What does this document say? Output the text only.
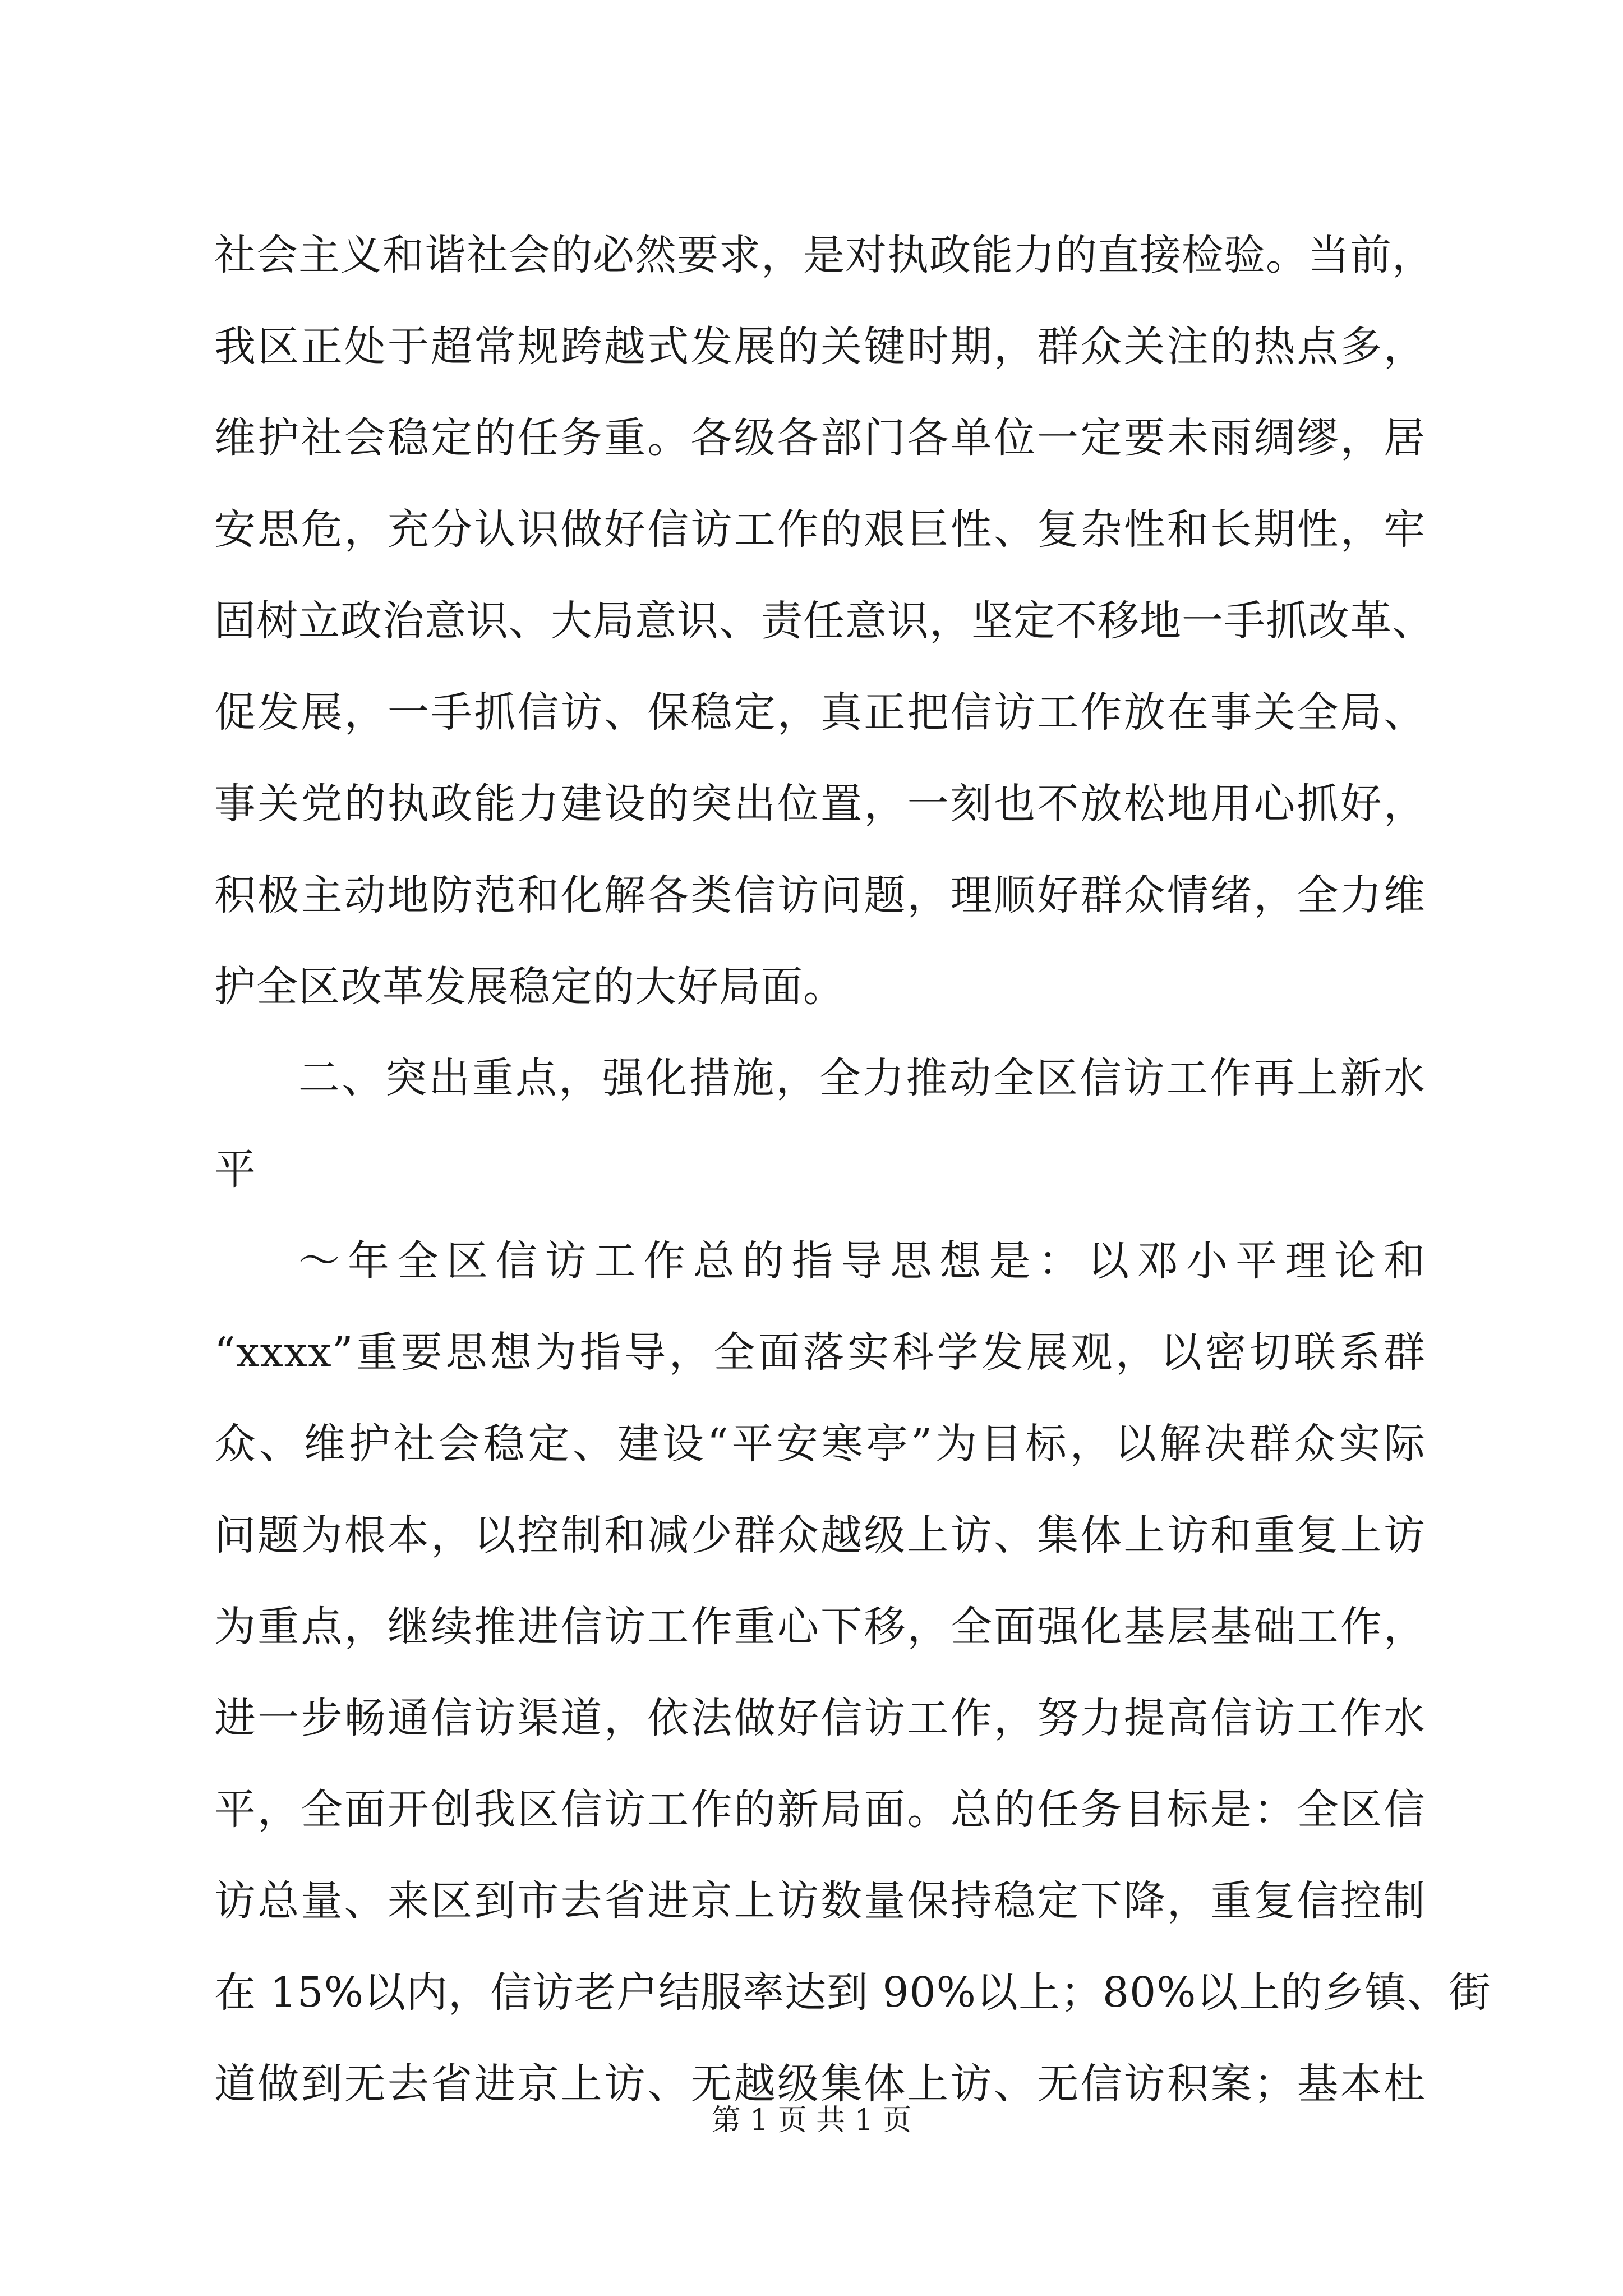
社会主义和谐社会的必然要求，是对执政能力的直接检验。当前，
我区正处于超常规跨越式发展的关键时期，群众关注的热点多，
维护社会稳定的任务重。各级各部门各单位一定要未雨绸缪，居
安思危，充分认识做好信访工作的艰巨性、复杂性和长期性，牢
固树立政治意识、大局意识、责任意识，坚定不移地一手抓改革、
促发展，一手抓信访、保稳定，真正把信访工作放在事关全局、
事关党的执政能力建设的突出位置，一刻也不放松地用心抓好，
积极主动地防范和化解各类信访问题，理顺好群众情绪，全力维
护全区改革发展稳定的大好局面。
二、突出重点，强化措施，全力推动全区信访工作再上新水
平
～年全区信访工作总的指导思想是：以邓小平理论和
“xxxx”重要思想为指导，全面落实科学发展观，以密切联系群
众、维护社会稳定、建设“平安寒亭”为目标，以解决群众实际
问题为根本，以控制和减少群众越级上访、集体上访和重复上访
为重点，继续推进信访工作重心下移，全面强化基层基础工作，
进一步畅通信访渠道，依法做好信访工作，努力提高信访工作水
平，全面开创我区信访工作的新局面。总的任务目标是：全区信
访总量、来区到市去省进京上访数量保持稳定下降，重复信控制
在 15%以内，信访老户结服率达到 90%以上；80%以上的乡镇、街
道做到无去省进京上访、无越级集体上访、无信访积案；基本杜
第 1 页 共 1 页
